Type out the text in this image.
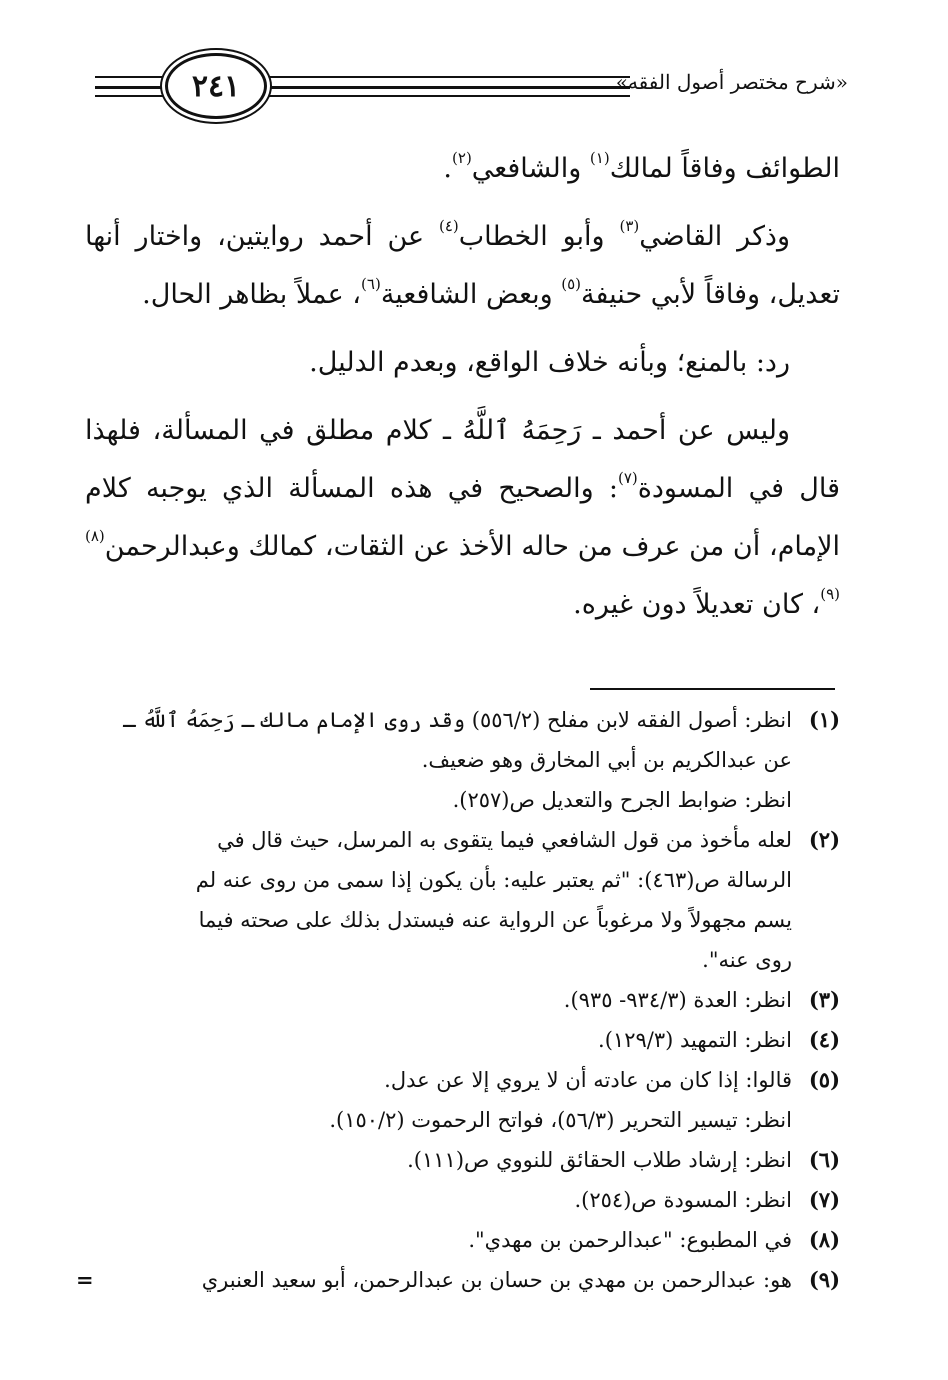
٢٤١	«شرح مختصر أصول الفقه»

الطوائف وفاقاً لمالك$^{(١)}$ والشافعي$^{(٢)}$.

وذكر القاضي$^{(٣)}$ وأبو الخطاب$^{(٤)}$ عن أحمد روايتين، واختار أنها تعديل، وفاقاً لأبي حنيفة$^{(٥)}$ وبعض الشافعية$^{(٦)}$، عملاً بظاهر الحال.

رد: بالمنع؛ وبأنه خلاف الواقع، وبعدم الدليل.

وليس عن أحمد ـ رَحِمَهُ ٱللَّهُ ـ كلام مطلق في المسألة، فلهذا قال في المسودة$^{(٧)}$: والصحيح في هذه المسألة الذي يوجبه كلام الإمام، أن من عرف من حاله الأخذ عن الثقات، كمالك وعبدالرحمن$^{(٨)(٩)}$، كان تعديلاً دون غيره.

(١)
انظر: أصول الفقه لابن مفلح (٥٥٦/٢) وقد روى الإمام مالك ـ رَحِمَهُ ٱللَّهُ ـ
عن عبدالكريم بن أبي المخارق وهو ضعيف.
انظر: ضوابط الجرح والتعديل ص(٢٥٧).
(٢)
لعله مأخوذ من قول الشافعي فيما يتقوى به المرسل، حيث قال في
الرسالة ص(٤٦٣): "ثم يعتبر عليه: بأن يكون إذا سمى من روى عنه لم
يسم مجهولاً ولا مرغوباً عن الرواية عنه فيستدل بذلك على صحته فيما
روى عنه".
(٣)
انظر: العدة (٩٣٤/٣- ٩٣٥).
(٤)
انظر: التمهيد (١٢٩/٣).
(٥)
قالوا: إذا كان من عادته أن لا يروي إلا عن عدل.
انظر: تيسير التحرير (٥٦/٣)، فواتح الرحموت (١٥٠/٢).
(٦)
انظر: إرشاد طلاب الحقائق للنووي ص(١١١).
(٧)
انظر: المسودة ص(٢٥٤).
(٨)
في المطبوع: "عبدالرحمن بن مهدي".
(٩)
هو: عبدالرحمن بن مهدي بن حسان بن عبدالرحمن، أبو سعيد العنبري
=
